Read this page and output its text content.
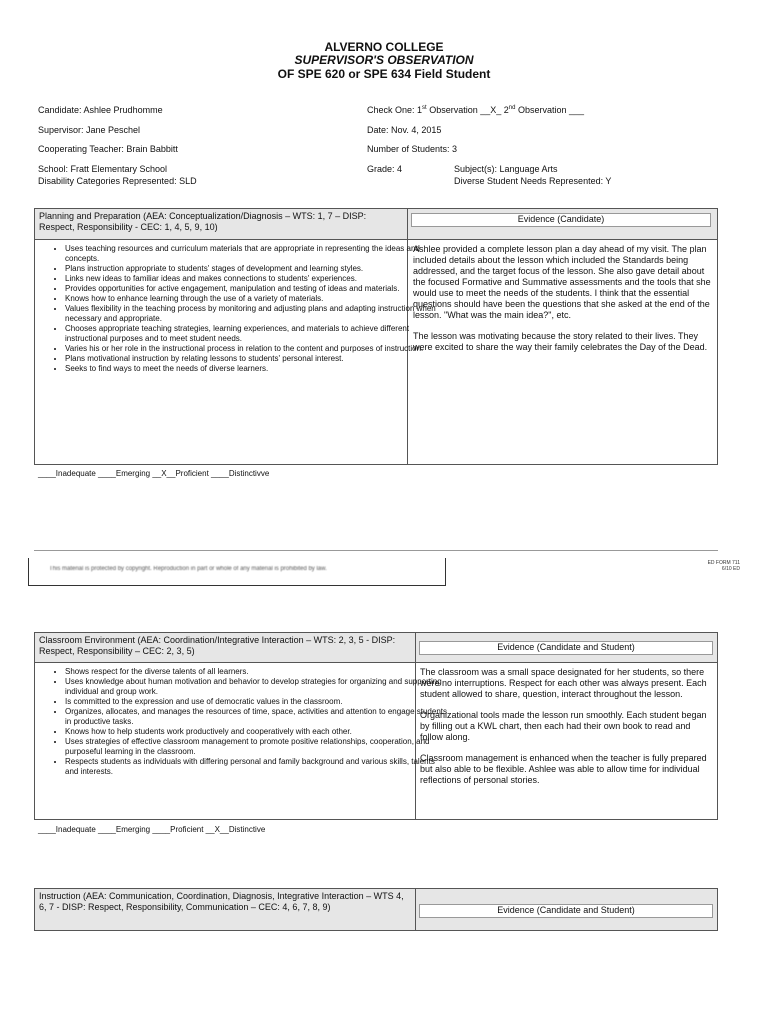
ALVERNO COLLEGE
SUPERVISOR'S OBSERVATION
OF SPE 620 or SPE 634 Field Student
Candidate: Ashlee Prudhomme
Supervisor: Jane Peschel
Cooperating Teacher: Brain Babbitt
School: Fratt Elementary School
Disability Categories Represented: SLD
Check One: 1st Observation __X_ 2nd Observation ___
Date: Nov. 4, 2015
Number of Students: 3
Grade: 4	Subject(s): Language Arts
Diverse Student Needs Represented: Y
Planning and Preparation (AEA: Conceptualization/Diagnosis – WTS: 1, 7 – DISP: Respect, Responsibility - CEC: 1, 4, 5, 9, 10)
Evidence (Candidate)
• Uses teaching resources and curriculum materials that are appropriate in representing the ideas and concepts.
• Plans instruction appropriate to students' stages of development and learning styles.
• Links new ideas to familiar ideas and makes connections to students' experiences.
• Provides opportunities for active engagement, manipulation and testing of ideas and materials.
• Knows how to enhance learning through the use of a variety of materials.
• Values flexibility in the teaching process by monitoring and adjusting plans and adapting instruction when necessary and appropriate.
• Chooses appropriate teaching strategies, learning experiences, and materials to achieve different instructional purposes and to meet student needs.
• Varies his or her role in the instructional process in relation to the content and purposes of instruction.
• Plans motivational instruction by relating lessons to students' personal interest.
• Seeks to find ways to meet the needs of diverse learners.

Ashlee provided a complete lesson plan a day ahead of my visit. The plan included details about the lesson which included the Standards being addressed, and the target focus of the lesson. She also gave detail about the focused Formative and Summative assessments and the tools that she would use to meet the needs of the students. I think that the essential questions should have been the questions that she asked at the end of the lesson. "What was the main idea?", etc.

The lesson was motivating because the story related to their lives. They were excited to share the way their family celebrates the Day of the Dead.

____Inadequate ____Emerging __X__Proficient ____Distinctivve
This material is protected by copyright. Reproduction in part or whole of any material is prohibited by law.
ED FORM 711
6/10 ED
Classroom Environment (AEA: Coordination/Integrative Interaction – WTS: 2, 3, 5 - DISP: Respect, Responsibility – CEC: 2, 3, 5)	Evidence (Candidate and Student)
• Shows respect for the diverse talents of all learners.
• Uses knowledge about human motivation and behavior to develop strategies for organizing and supporting individual and group work.
• Is committed to the expression and use of democratic values in the classroom.
• Organizes, allocates, and manages the resources of time, space, activities and attention to engage students in productive tasks.
• Knows how to help students work productively and cooperatively with each other.
• Uses strategies of effective classroom management to promote positive relationships, cooperation, and purposeful learning in the classroom.
• Respects students as individuals with differing personal and family background and various skills, talents and interests.

The classroom was a small space designated for her students, so there were no interruptions. Respect for each other was always present. Each student allowed to share, question, interact throughout the lesson.

Organizational tools made the lesson run smoothly. Each student began by filling out a KWL chart, then each had their own book to read and follow along.

Classroom management is enhanced when the teacher is fully prepared but also able to be flexible. Ashlee was able to allow time for individual reflections of personal stories.

____Inadequate ____Emerging ____Proficient __X__Distinctive
Instruction (AEA: Communication, Coordination, Diagnosis, Integrative Interaction – WTS 4, 6, 7 - DISP: Respect, Responsibility, Communication – CEC: 4, 6, 7, 8, 9)	Evidence (Candidate and Student)
